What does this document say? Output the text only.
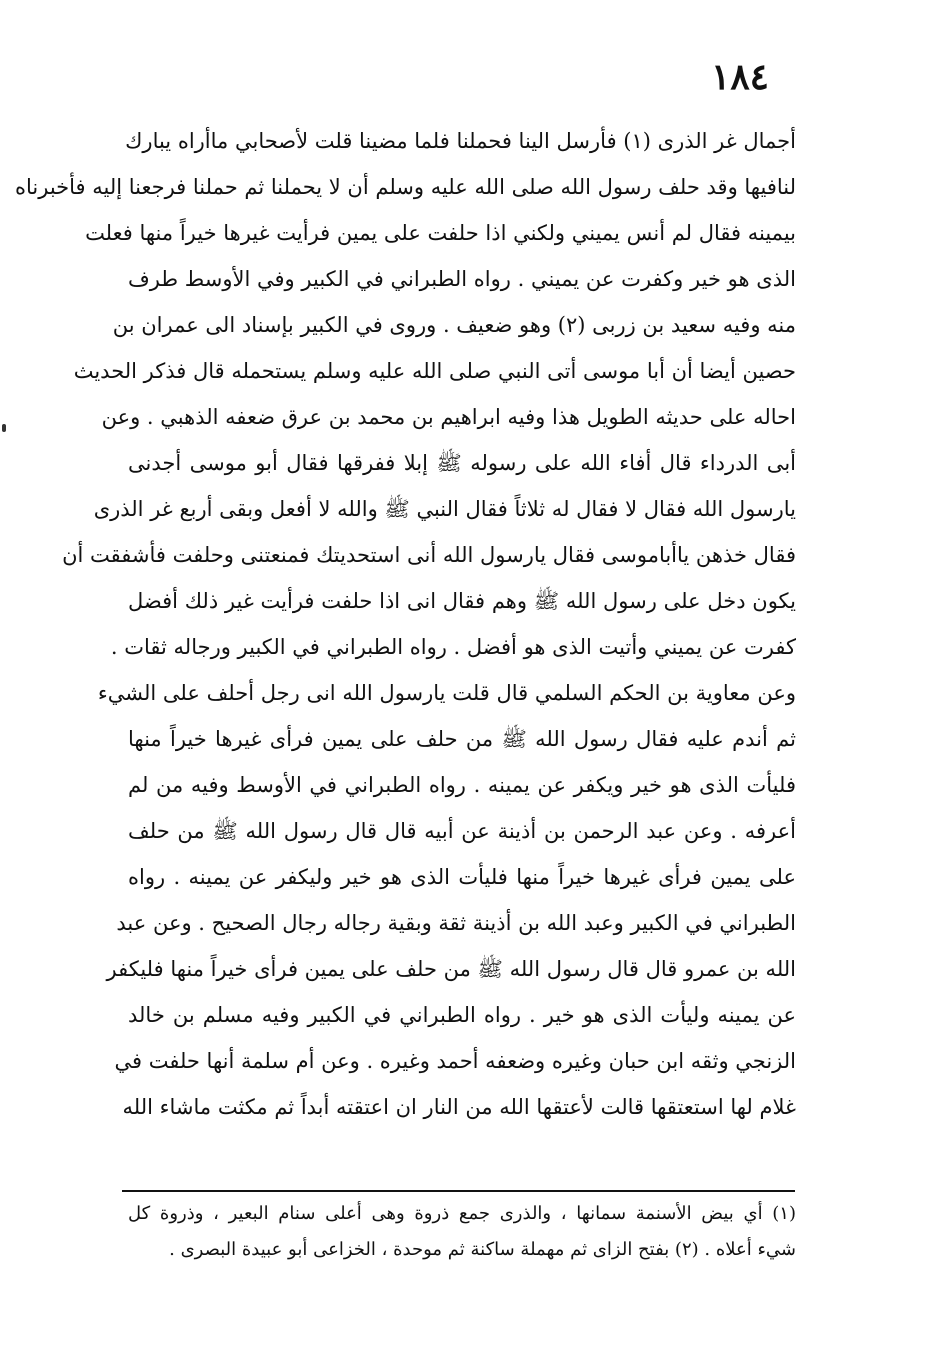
١٨٤
أجمال غر الذرى (١) فأرسل الينا فحملنا فلما مضينا قلت لأصحابي ماأراه يبارك
لنافيها وقد حلف رسول الله صلى الله عليه وسلم أن لا يحملنا ثم حملنا فرجعنا إليه فأخبرناه
بيمينه فقال لم أنس يميني ولكني اذا حلفت على يمين فرأيت غيرها خيراً منها فعلت
الذى هو خير وكفرت عن يميني . رواه الطبراني في الكبير وفي الأوسط طرف
منه وفيه سعيد بن زربى (٢) وهو ضعيف . وروى في الكبير بإسناد الى عمران بن
حصين أيضا أن أبا موسى أتى النبي صلى الله عليه وسلم يستحمله قال فذكر الحديث
احاله على حديثه الطويل هذا وفيه ابراهيم بن محمد بن عرق ضعفه الذهبي . وعن
أبى الدرداء قال أفاء الله على رسوله ﷺ إبلا ففرقها فقال أبو موسى أجدنى
يارسول الله فقال لا فقال له ثلاثاً فقال النبي ﷺ والله لا أفعل وبقى أربع غر الذرى
فقال خذهن ياأباموسى فقال يارسول الله أنى استحديتك فمنعتنى وحلفت فأشفقت أن
يكون دخل على رسول الله ﷺ وهم فقال انى اذا حلفت فرأيت غير ذلك أفضل
كفرت عن يميني وأتيت الذى هو أفضل . رواه الطبراني في الكبير ورجاله ثقات .
وعن معاوية بن الحكم السلمي قال قلت يارسول الله انى رجل أحلف على الشيء
ثم أندم عليه فقال رسول الله ﷺ من حلف على يمين فرأى غيرها خيراً منها
فليأت الذى هو خير ويكفر عن يمينه . رواه الطبراني في الأوسط وفيه من لم
أعرفه . وعن عبد الرحمن بن أذينة عن أبيه قال قال رسول الله ﷺ من حلف
على يمين فرأى غيرها خيراً منها فليأت الذى هو خير وليكفر عن يمينه . رواه
الطبراني في الكبير وعبد الله بن أذينة ثقة وبقية رجاله رجال الصحيح . وعن عبد
الله بن عمرو قال قال رسول الله ﷺ من حلف على يمين فرأى خيراً منها فليكفر
عن يمينه وليأت الذى هو خير . رواه الطبراني في الكبير وفيه مسلم بن خالد
الزنجي وثقه ابن حبان وغيره وضعفه أحمد وغيره . وعن أم سلمة أنها حلفت في
غلام لها استعتقها قالت لأعتقها الله من النار ان اعتقته أبداً ثم مكثت ماشاء الله
(١) أي بيض الأسنمة سمانها ، والذرى جمع ذروة وهى أعلى سنام البعير ، وذروة كل
شيء أعلاه . (٢) بفتح الزاى ثم مهملة ساكنة ثم موحدة ، الخزاعى أبو عبيدة البصرى .
